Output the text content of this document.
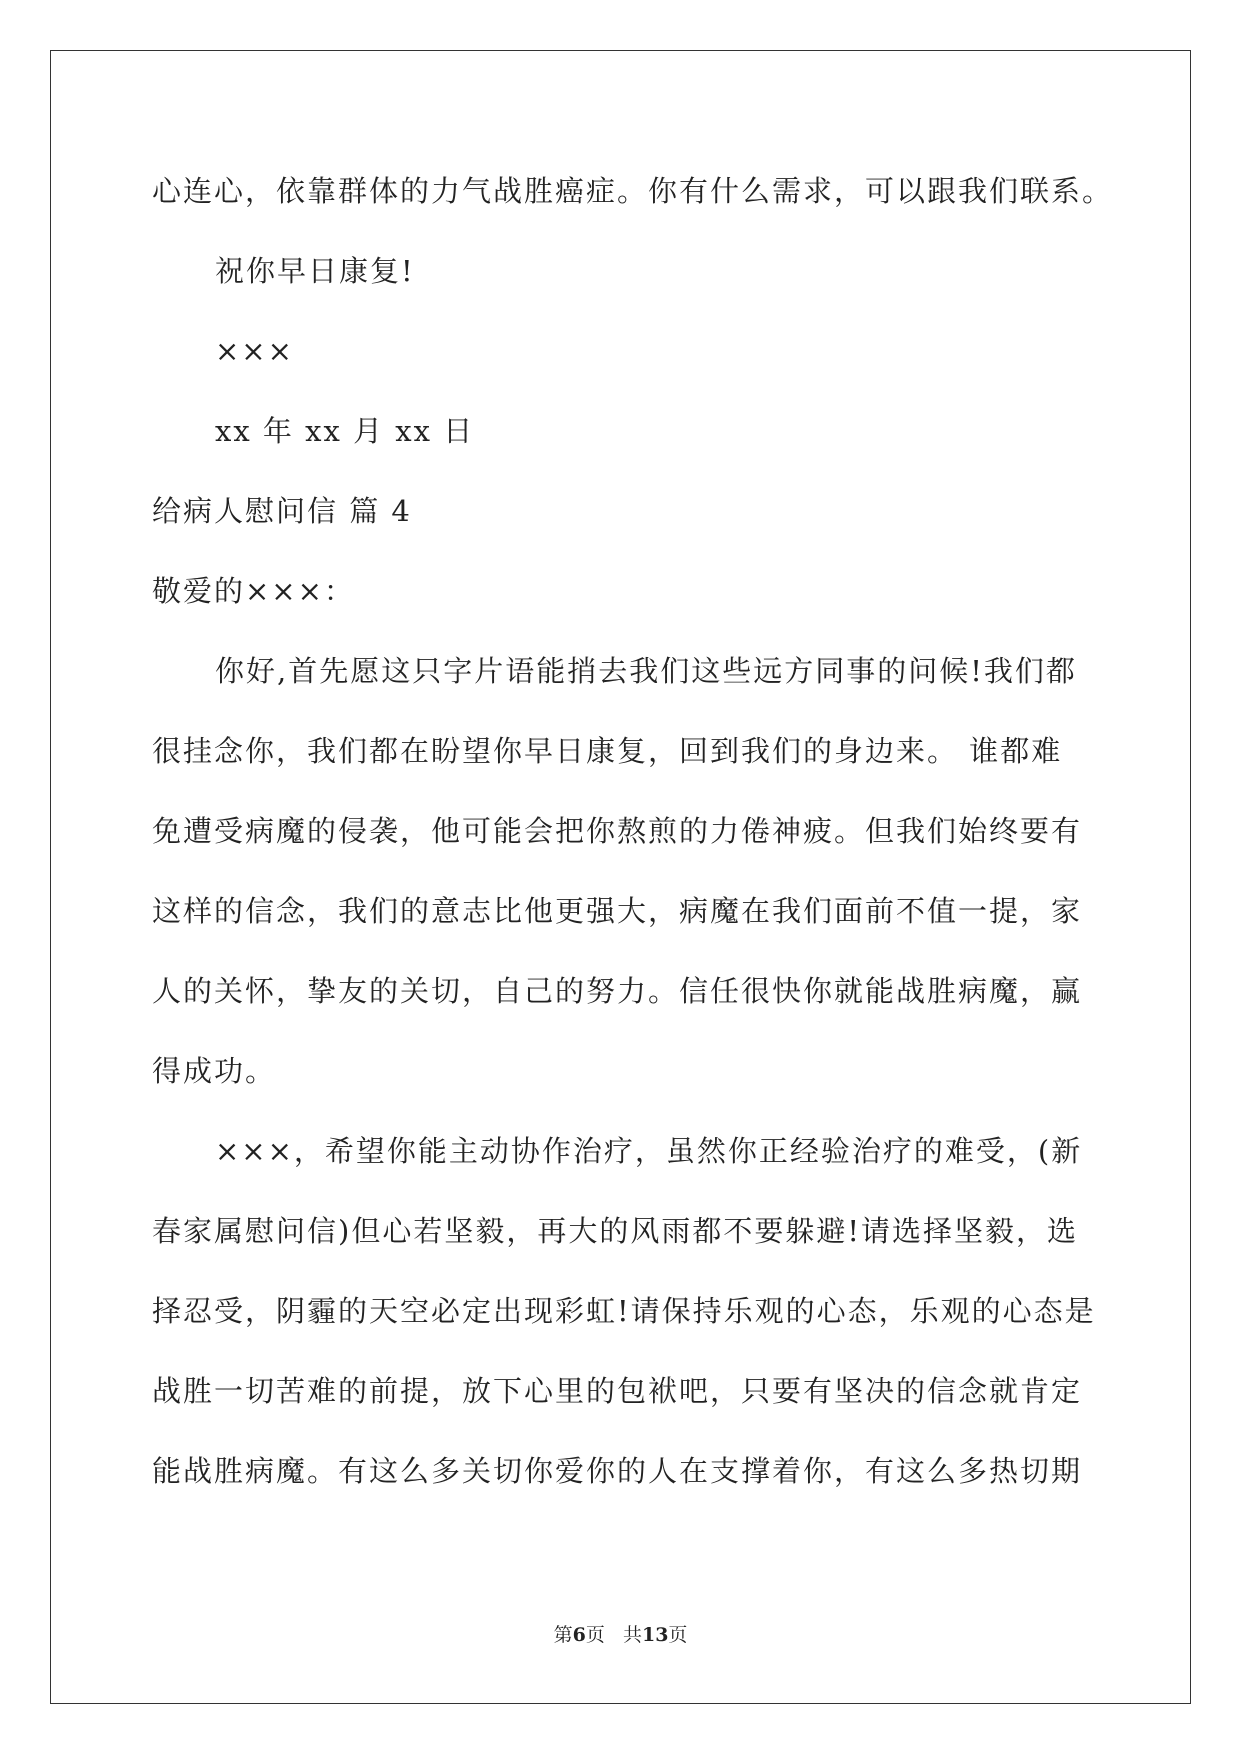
心连心，依靠群体的力气战胜癌症。你有什么需求，可以跟我们联系。
祝你早日康复!
×××
xx 年 xx 月 xx 日
给病人慰问信 篇 4
敬爱的×××：
你好,首先愿这只字片语能捎去我们这些远方同事的问候!我们都
很挂念你，我们都在盼望你早日康复，回到我们的身边来。 谁都难
免遭受病魔的侵袭，他可能会把你熬煎的力倦神疲。但我们始终要有
这样的信念，我们的意志比他更强大，病魔在我们面前不值一提，家
人的关怀，挚友的关切，自己的努力。信任很快你就能战胜病魔，赢
得成功。
×××，希望你能主动协作治疗，虽然你正经验治疗的难受，(新
春家属慰问信)但心若坚毅，再大的风雨都不要躲避!请选择坚毅，选
择忍受，阴霾的天空必定出现彩虹!请保持乐观的心态，乐观的心态是
战胜一切苦难的前提，放下心里的包袱吧，只要有坚决的信念就肯定
能战胜病魔。有这么多关切你爱你的人在支撑着你，有这么多热切期
第6页 共13页
